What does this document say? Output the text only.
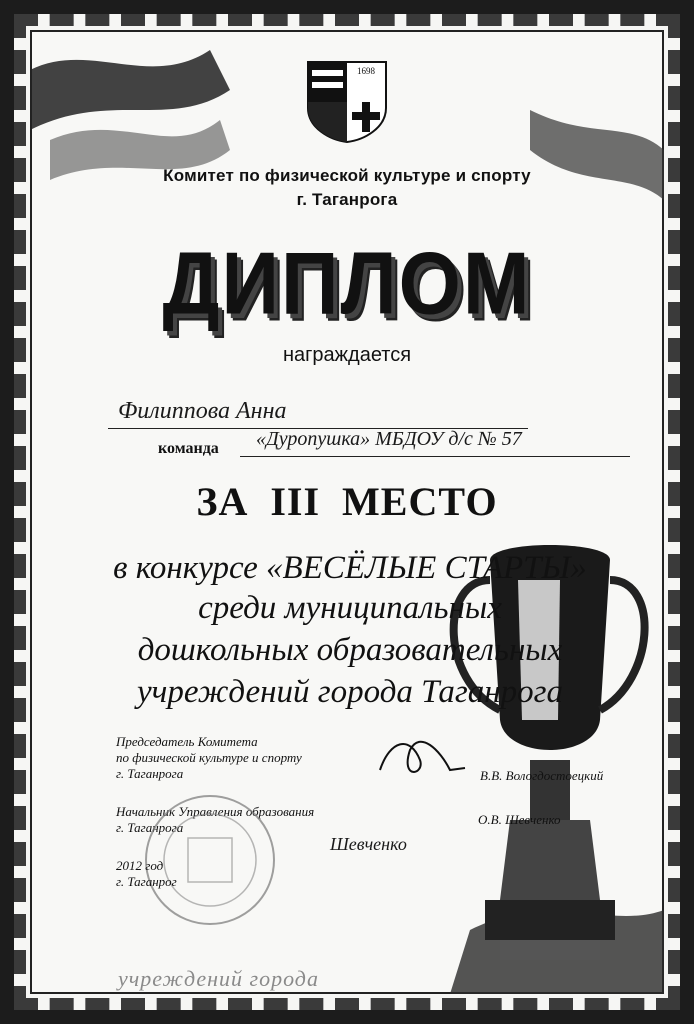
1698
Комитет по физической культуре и спорту
г. Таганрога
ДИПЛОМ
награждается
Филиппова Анна
команда «Дуропушка» МБДОУ д/с № 57
ЗА  III  МЕСТО
в конкурсе «ВЕСЁЛЫЕ СТАРТЫ»
среди муниципальных
дошкольных образовательных
учреждений города Таганрога
Председатель Комитета
по физической культуре и спорту
г. Таганрога	В.В. Вологдостоецкий
Начальник Управления образования
г. Таганрога
О.В. Шевченко
Шевченко
2012 год
г. Таганрог
учреждений города
